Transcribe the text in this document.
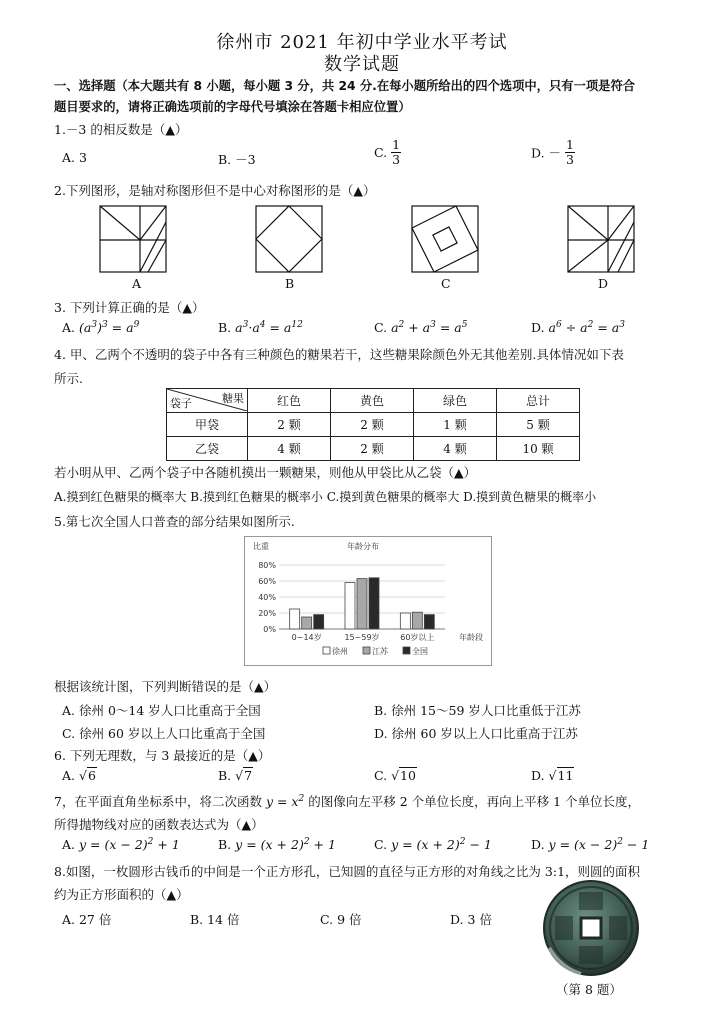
徐州市 2021 年初中学业水平考试
数学试题
一、选择题（本大题共有 8 小题，每小题 3 分，共 24 分.在每小题所给出的四个选项中，只有一项是符合
题目要求的，请将正确选项前的字母代号填涂在答题卡相应位置）
1.－3 的相反数是（▲）
A. 3	B. －3	C. $\frac{1}{3}$	D. － $\frac{1}{3}$
2.下列图形，是轴对称图形但不是中心对称图形的是（▲）
A	B	C	D
3. 下列计算正确的是（▲）
A. $(a^3)^3 = a^9$	B. $a^3\cdot a^4 = a^{12}$	C. $a^2 + a^3 = a^5$	D. $a^6 \div a^2 = a^3$
4. 甲、乙两个不透明的袋子中各有三种颜色的糖果若干，这些糖果除颜色外无其他差别.具体情况如下表
所示.
糖果
袋子	红色	黄色	绿色	总计
甲袋	2 颗	2 颗	1 颗	5 颗
乙袋	4 颗	2 颗	4 颗	10 颗
若小明从甲、乙两个袋子中各随机摸出一颗糖果，则他从甲袋比从乙袋（▲）
A.摸到红色糖果的概率大 B.摸到红色糖果的概率小 C.摸到黄色糖果的概率大 D.摸到黄色糖果的概率小
5.第七次全国人口普查的部分结果如图所示.
比重	年龄分布
0%
20%
40%
60%
80%
0~14岁	15~59岁	60岁以上	年龄段
徐州	江苏	全国
根据该统计图，下列判断错误的是（▲）
A. 徐州 0～14 岁人口比重高于全国	B. 徐州 15～59 岁人口比重低于江苏
C. 徐州 60 岁以上人口比重高于全国	D. 徐州 60 岁以上人口比重高于江苏
6. 下列无理数，与 3 最接近的是（▲）
A. √6	B. √7	C. √10	D. √11
7，在平面直角坐标系中，将二次函数 $y = x^2$ 的图像向左平移 2 个单位长度，再向上平移 1 个单位长度，
所得抛物线对应的函数表达式为（▲）
A. $y = (x - 2)^2 + 1$	B. $y = (x + 2)^2 + 1$	C. $y = (x + 2)^2 - 1$	D. $y = (x - 2)^2 - 1$
8.如图，一枚圆形古钱币的中间是一个正方形孔，已知圆的直径与正方形的对角线之比为 3:1，则圆的面积
约为正方形面积的（▲）
A. 27 倍	B. 14 倍	C. 9 倍	D. 3 倍
（第 8 题）
